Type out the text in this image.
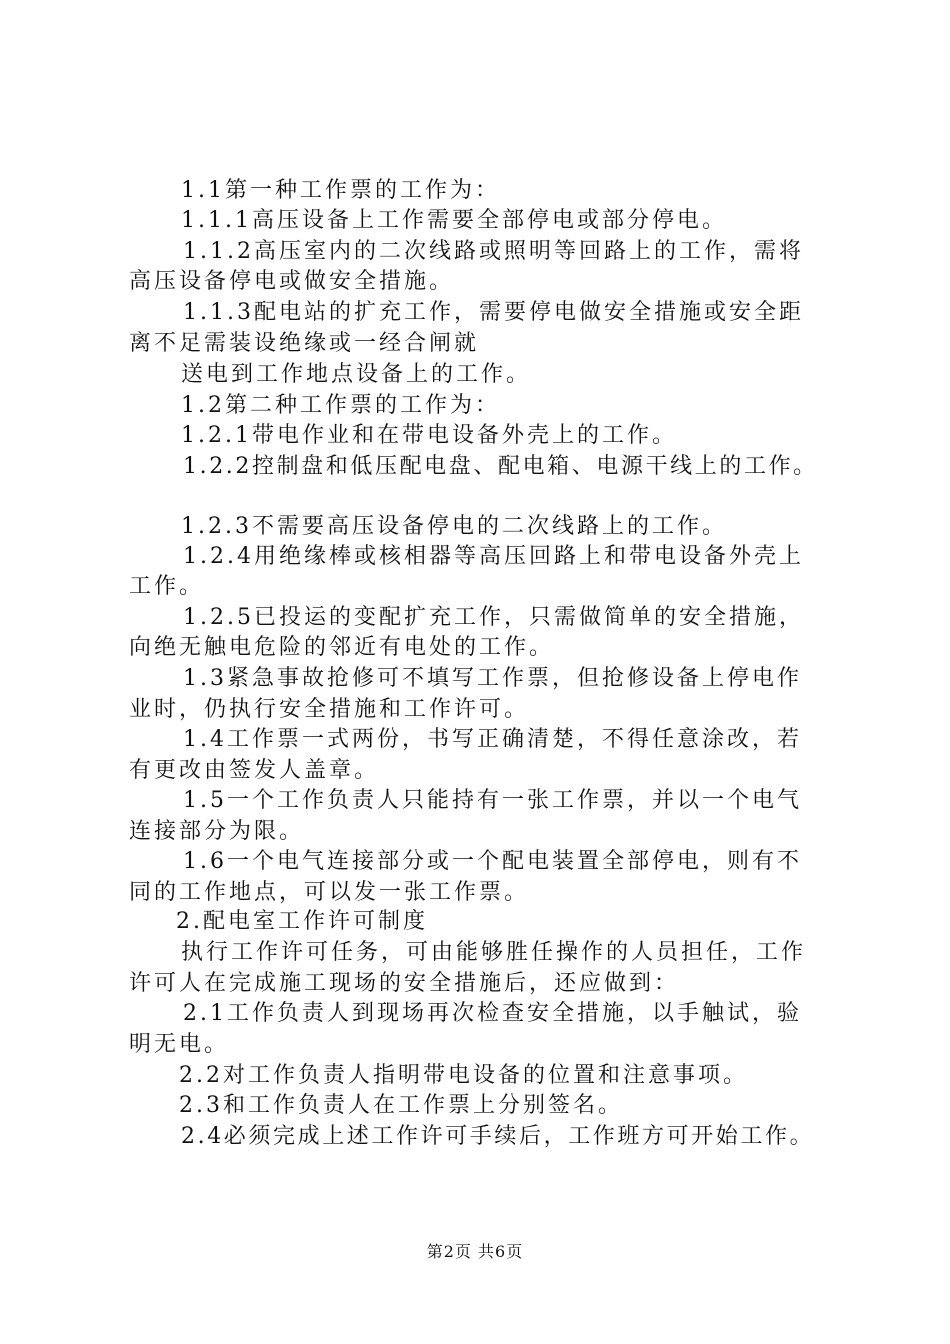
1.1第一种工作票的工作为：
1.1.1高压设备上工作需要全部停电或部分停电。
1.1.2高压室内的二次线路或照明等回路上的工作，需将
高压设备停电或做安全措施。
1.1.3配电站的扩充工作，需要停电做安全措施或安全距
离不足需装设绝缘或一经合闸就
送电到工作地点设备上的工作。
1.2第二种工作票的工作为：
1.2.1带电作业和在带电设备外壳上的工作。
1.2.2控制盘和低压配电盘、配电箱、电源干线上的工作。
1.2.3不需要高压设备停电的二次线路上的工作。
1.2.4用绝缘棒或核相器等高压回路上和带电设备外壳上
工作。
1.2.5已投运的变配扩充工作，只需做简单的安全措施，
向绝无触电危险的邻近有电处的工作。
1.3紧急事故抢修可不填写工作票，但抢修设备上停电作
业时，仍执行安全措施和工作许可。
1.4工作票一式两份，书写正确清楚，不得任意涂改，若
有更改由签发人盖章。
1.5一个工作负责人只能持有一张工作票，并以一个电气
连接部分为限。
1.6一个电气连接部分或一个配电装置全部停电，则有不
同的工作地点，可以发一张工作票。
2.配电室工作许可制度
执行工作许可任务，可由能够胜任操作的人员担任，工作
许可人在完成施工现场的安全措施后，还应做到：
2.1工作负责人到现场再次检查安全措施，以手触试，验
明无电。
2.2对工作负责人指明带电设备的位置和注意事项。
2.3和工作负责人在工作票上分别签名。
2.4必须完成上述工作许可手续后，工作班方可开始工作。
第2页 共6页
